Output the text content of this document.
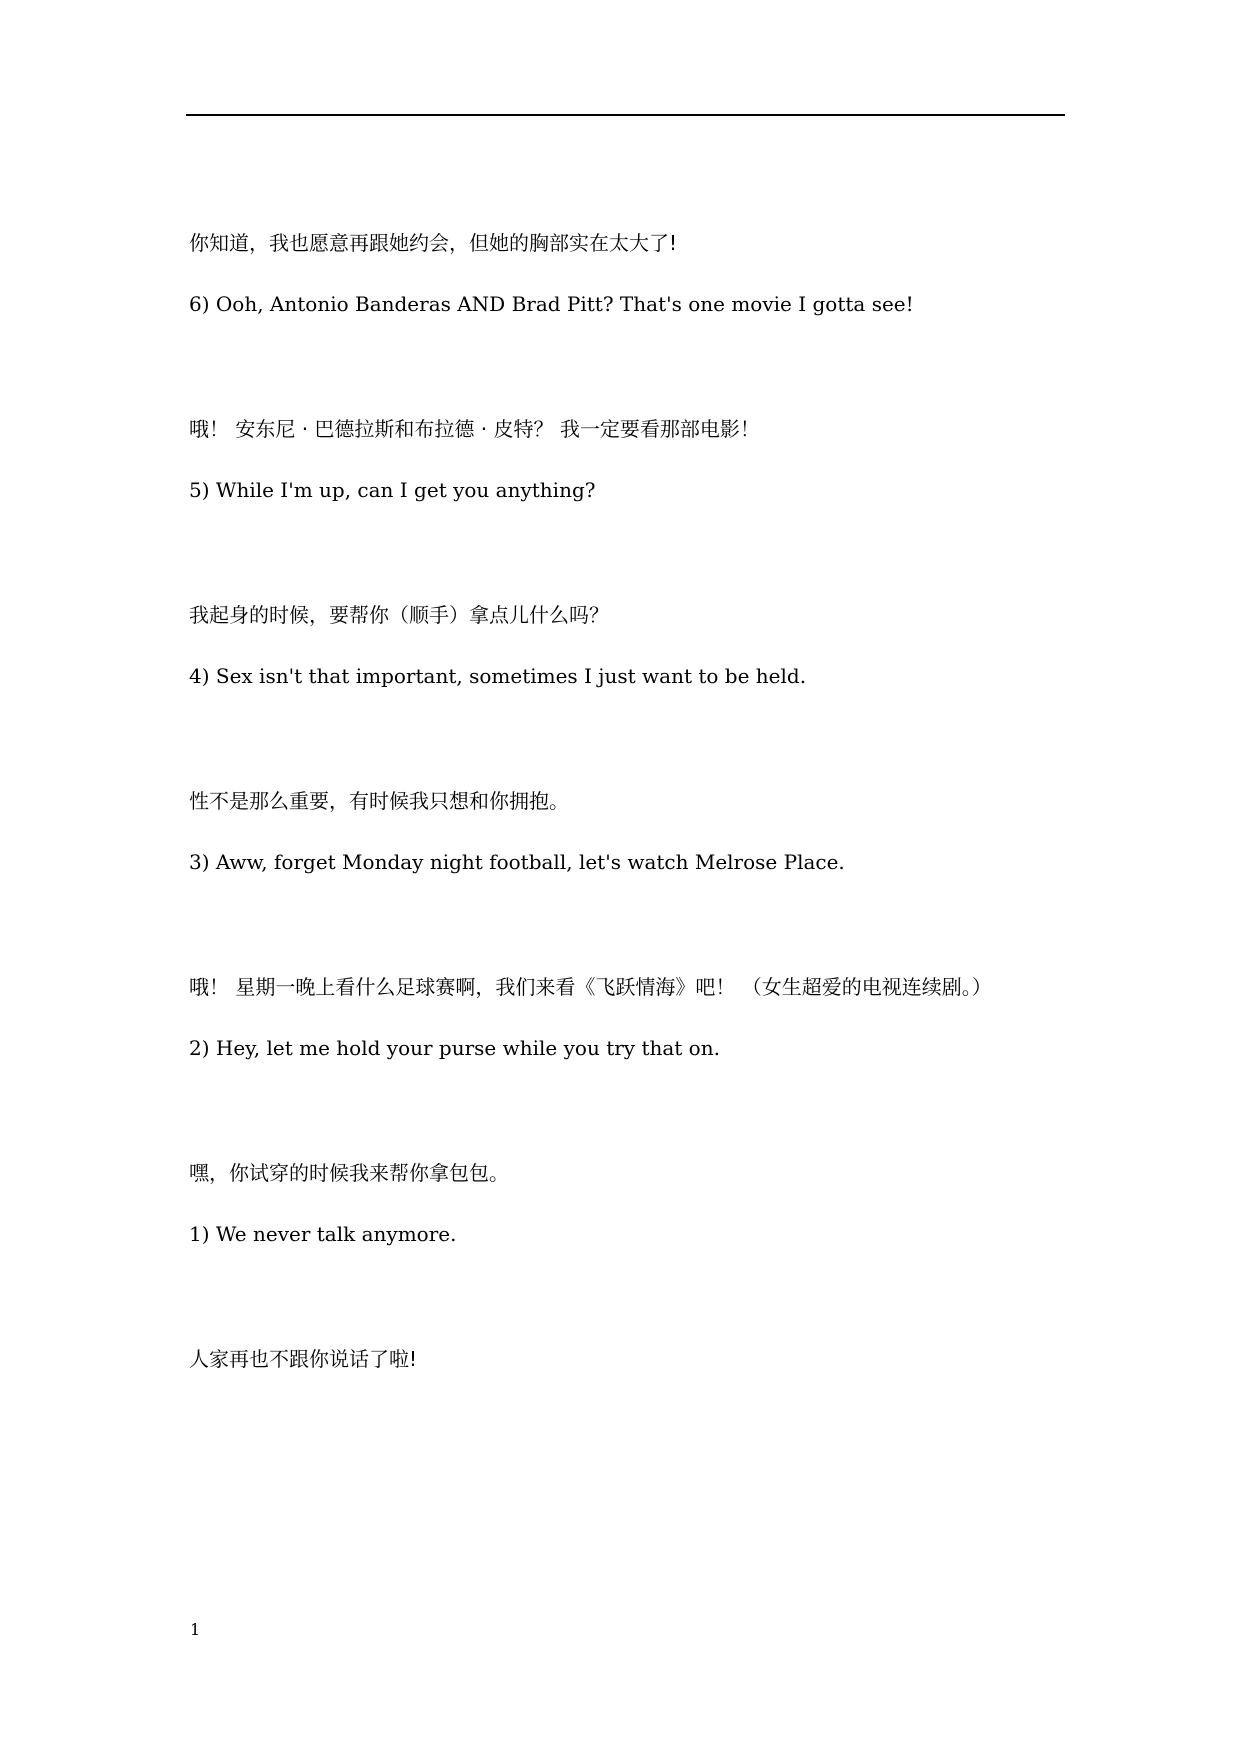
你知道，我也愿意再跟她约会，但她的胸部实在太大了!

6) Ooh, Antonio Banderas AND Brad Pitt? That's one movie I gotta see!

哦！ 安东尼 · 巴德拉斯和布拉德 · 皮特？ 我一定要看那部电影！

5) While I'm up, can I get you anything?

我起身的时候，要帮你（顺手）拿点儿什么吗？

4) Sex isn't that important, sometimes I just want to be held.

性不是那么重要，有时候我只想和你拥抱。

3) Aww, forget Monday night football, let's watch Melrose Place.

哦！ 星期一晚上看什么足球赛啊，我们来看《飞跃情海》吧！ （女生超爱的电视连续剧。）

2) Hey, let me hold your purse while you try that on.

嘿，你试穿的时候我来帮你拿包包。

1) We never talk anymore.

人家再也不跟你说话了啦!

1
